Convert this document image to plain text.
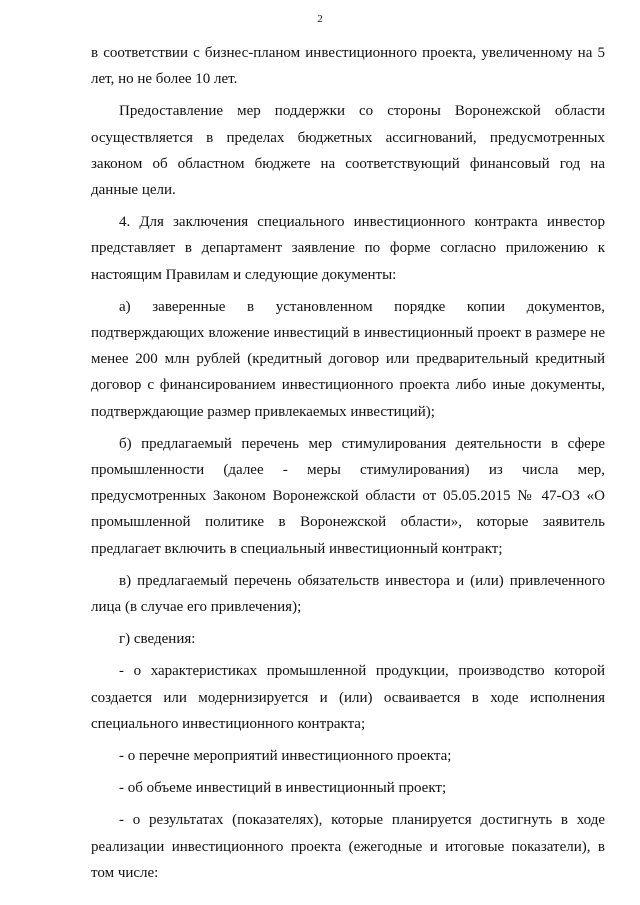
2

в соответствии с бизнес-планом инвестиционного проекта, увеличенному на 5 лет, но не более 10 лет.

Предоставление мер поддержки со стороны Воронежской области осуществляется в пределах бюджетных ассигнований, предусмотренных законом об областном бюджете на соответствующий финансовый год на данные цели.

4. Для заключения специального инвестиционного контракта инвестор представляет в департамент заявление по форме согласно приложению к настоящим Правилам и следующие документы:

а) заверенные в установленном порядке копии документов, подтверждающих вложение инвестиций в инвестиционный проект в размере не менее 200 млн рублей (кредитный договор или предварительный кредитный договор с финансированием инвестиционного проекта либо иные документы, подтверждающие размер привлекаемых инвестиций);

б) предлагаемый перечень мер стимулирования деятельности в сфере промышленности (далее - меры стимулирования) из числа мер, предусмотренных Законом Воронежской области от 05.05.2015 № 47-ОЗ «О промышленной политике в Воронежской области», которые заявитель предлагает включить в специальный инвестиционный контракт;

в) предлагаемый перечень обязательств инвестора и (или) привлеченного лица (в случае его привлечения);

г) сведения:

- о характеристиках промышленной продукции, производство которой создается или модернизируется и (или) осваивается в ходе исполнения специального инвестиционного контракта;

- о перечне мероприятий инвестиционного проекта;

- об объеме инвестиций в инвестиционный проект;

- о результатах (показателях), которые планируется достигнуть в ходе реализации инвестиционного проекта (ежегодные и итоговые показатели), в том числе:
